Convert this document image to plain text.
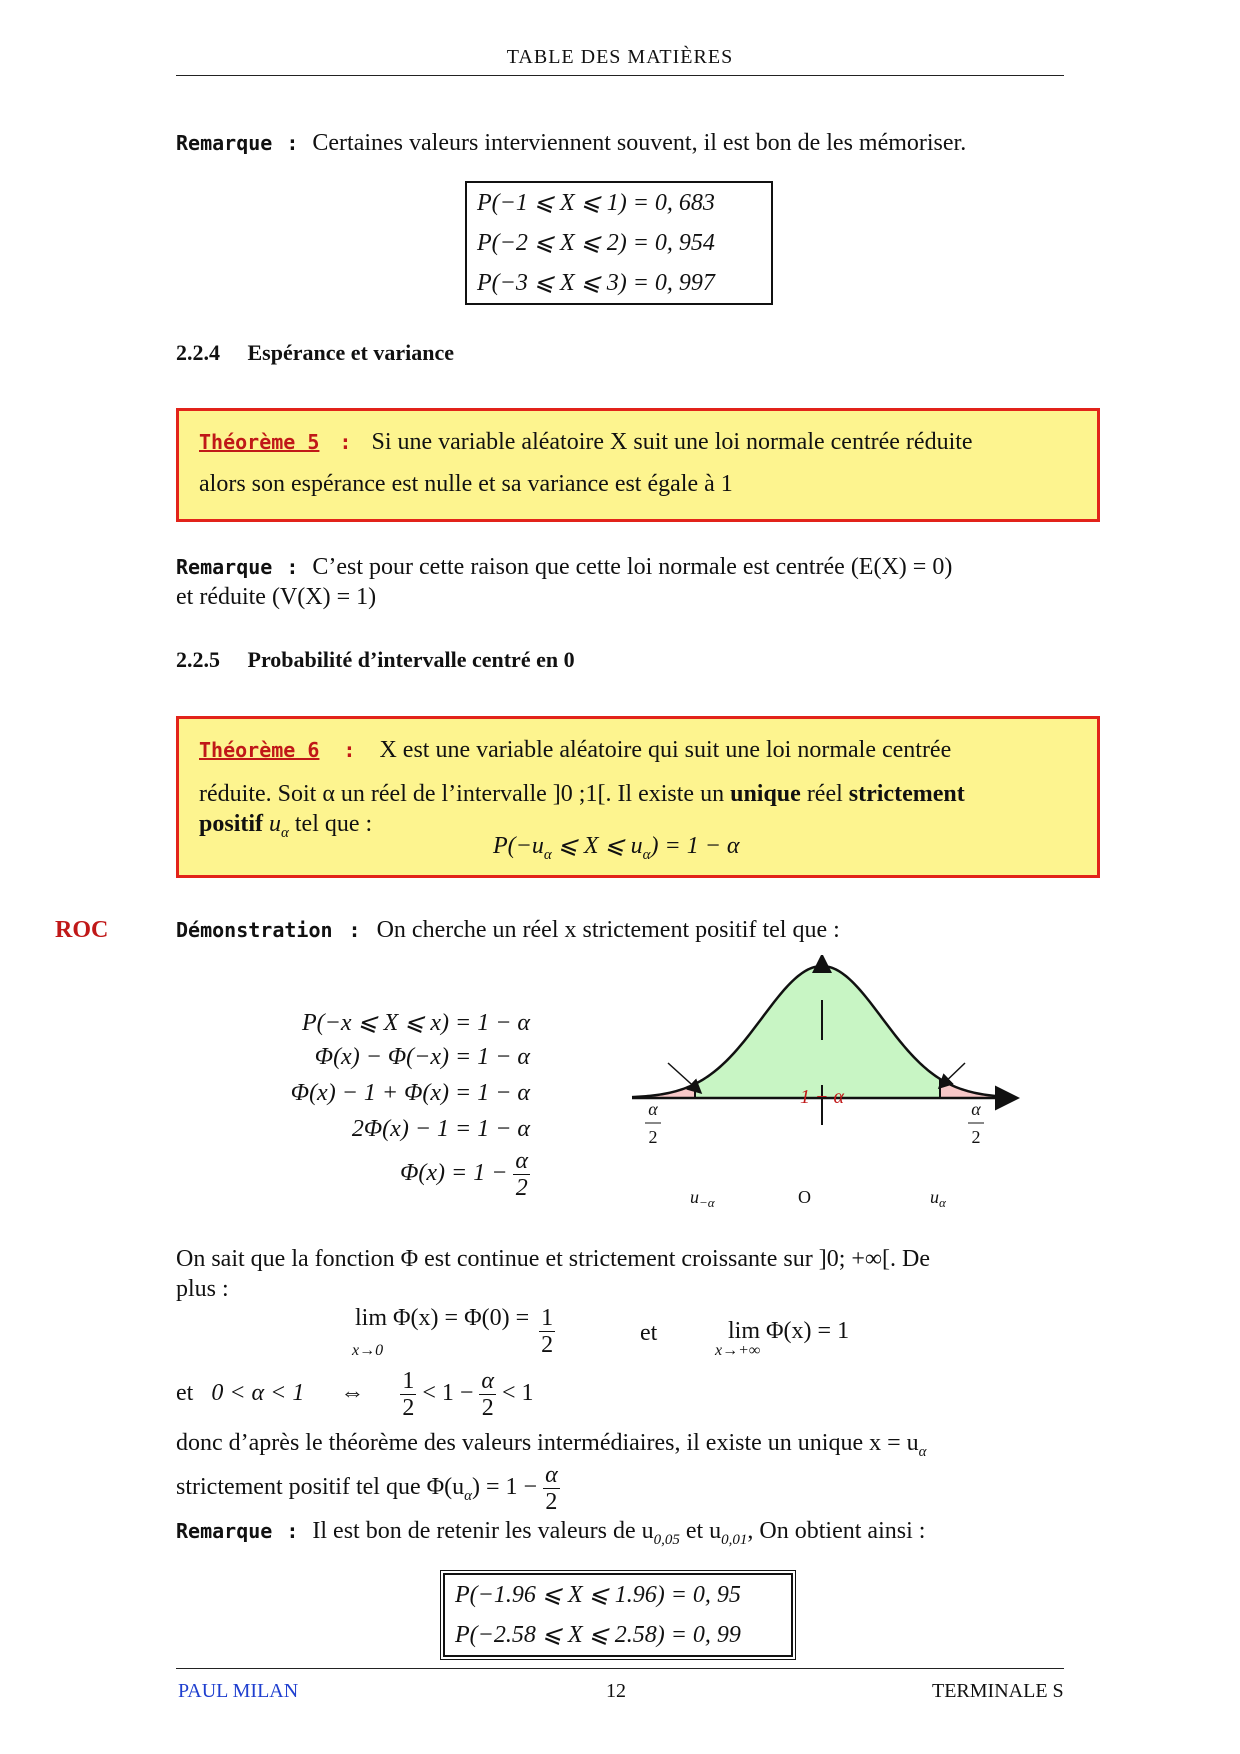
TABLE DES MATIÈRES
Remarque : Certaines valeurs interviennent souvent, il est bon de les mémoriser.
P(−1 ⩽ X ⩽ 1) = 0, 683
P(−2 ⩽ X ⩽ 2) = 0, 954
P(−3 ⩽ X ⩽ 3) = 0, 997
2.2.4 Espérance et variance
Théorème 5 : Si une variable aléatoire X suit une loi normale centrée réduite
alors son espérance est nulle et sa variance est égale à 1
Remarque : C’est pour cette raison que cette loi normale est centrée (E(X) = 0)
et réduite (V(X) = 1)
2.2.5 Probabilité d’intervalle centré en 0
Théorème 6 : X est une variable aléatoire qui suit une loi normale centrée
réduite. Soit α un réel de l’intervalle ]0 ;1[. Il existe un unique réel strictement
positif $u_\alpha$ tel que :
$P(-u_\alpha$ ⩽ X ⩽ $u_\alpha) = 1 - \alpha$
ROC	Démonstration : On cherche un réel x strictement positif tel que :
P(−x ⩽ X ⩽ x) = 1 − α
Φ(x) − Φ(−x) = 1 − α
Φ(x) − 1 + Φ(x) = 1 − α
2Φ(x) − 1 = 1 − α
$\Phi(x) = 1 - \frac{\alpha}{2}$
1 − α
α
2
α
2
$u_{-\alpha}$	O	$u_\alpha$
On sait que la fonction Φ est continue et strictement croissante sur ]0; +∞[. De
plus :
$\lim \Phi(x) = \Phi(0) = \frac{1}{2}$
x→0
et	lim Φ(x) = 1
x→+∞
et 0 < α < 1 ⇔ $\frac{1}{2} < 1 - \frac{\alpha}{2} < 1$
donc d’après le théorème des valeurs intermédiaires, il existe un unique $x = u_\alpha$
strictement positif tel que $\Phi(u_\alpha) = 1 - \frac{\alpha}{2}$
Remarque : Il est bon de retenir les valeurs de $u_{0,05}$ et $u_{0,01}$, On obtient ainsi :
P(−1.96 ⩽ X ⩽ 1.96) = 0, 95
P(−2.58 ⩽ X ⩽ 2.58) = 0, 99
PAUL MILAN	12	TERMINALE S
